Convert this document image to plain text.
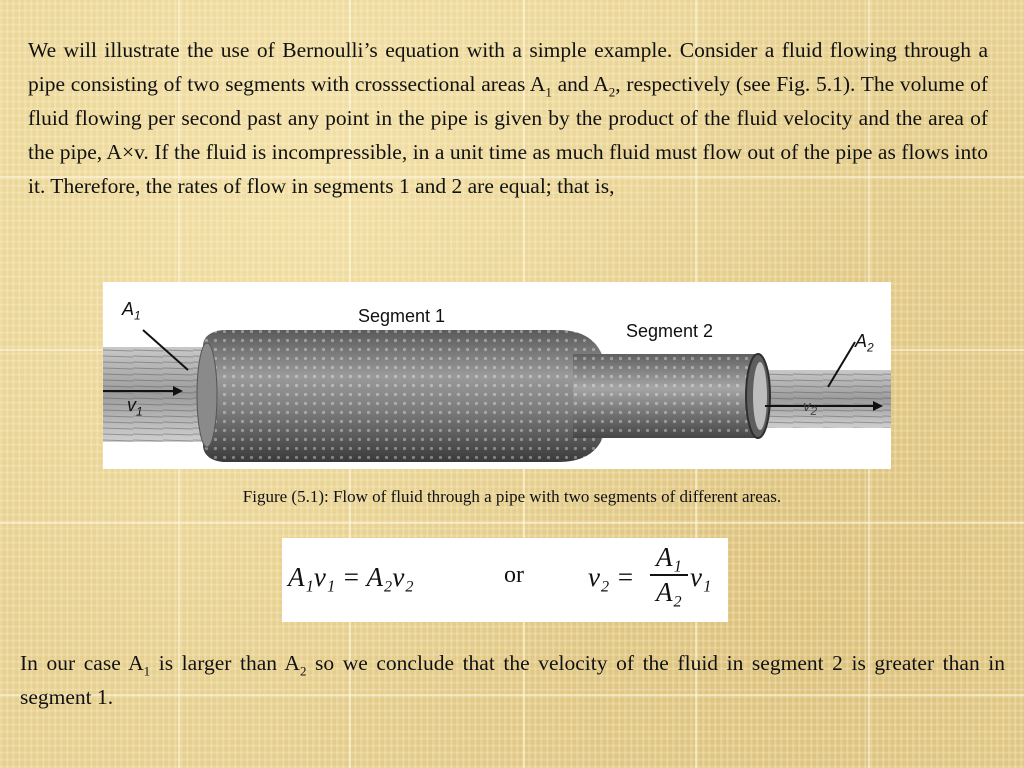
We will illustrate the use of Bernoulli’s equation with a simple example. Consider a fluid flowing through a pipe consisting of two segments with crosssectional areas $A_1$ and $A_2$, respectively (see Fig. 5.1). The volume of fluid flowing per second past any point in the pipe is given by the product of the fluid velocity and the area of the pipe, A×v. If the fluid is incompressible, in a unit time as much fluid must flow out of the pipe as flows into it. Therefore, the rates of flow in segments 1 and 2 are equal; that is,

$A_1$	Segment 1
Segment 2	$A_2$
$v_1$	$v_2$
Figure (5.1): Flow of fluid through a pipe with two segments of different areas.
A₁v₁ = A₂v₂	or v₂ =
A₁
A₂ v₁

In our case $A_1$ is larger than $A_2$ so we conclude that the velocity of the fluid in segment 2 is greater than in segment 1.
